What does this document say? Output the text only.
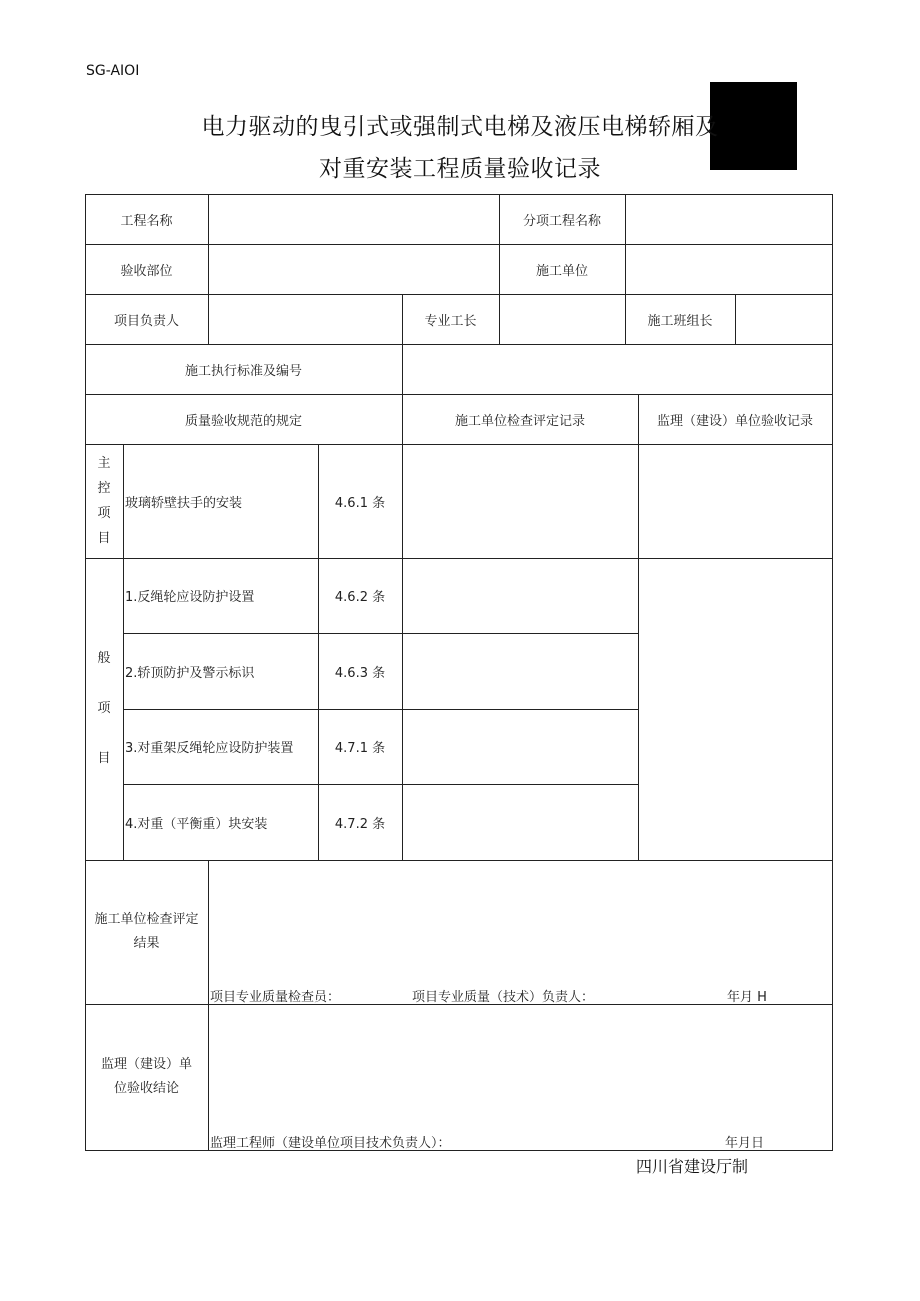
SG-AIOI
电力驱动的曳引式或强制式电梯及液压电梯轿厢及
对重安装工程质量验收记录
工程名称	分项工程名称
验收部位	施工单位
项目负责人	专业工长	施工班组长
施工执行标准及编号
质量验收规范的规定	施工单位检查评定记录	监理（建设）单位验收记录
主
控
项
目
玻璃轿壁扶手的安装	4.6.1 条
般
项
目
1.反绳轮应设防护设置	4.6.2 条
2.轿顶防护及警示标识	4.6.3 条
3.对重架反绳轮应设防护装置	4.7.1 条
4.对重（平衡重）块安装	4.7.2 条
施工单位检查评定
结果
项目专业质量检查员：	项目专业质量（技术）负责人：	年月 H
监理（建设）单
位验收结论
监理工程师（建设单位项目技术负责人）：	年月日
四川省建设厅制
